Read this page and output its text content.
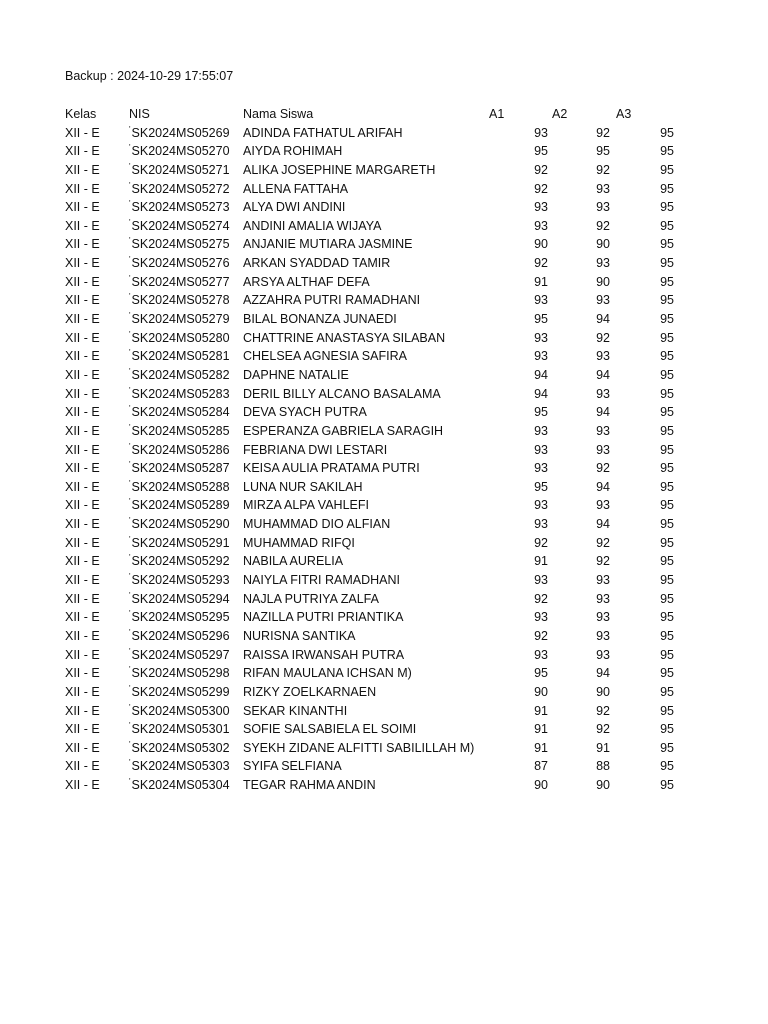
Backup : 2024-10-29 17:55:07
Kelas	NIS	Nama Siswa	A1	A2	A3
XII - E	'SK2024MS05269 ADINDA FATHATUL ARIFAH	93	92	95
XII - E	'SK2024MS05270 AIYDA ROHIMAH	95	95	95
XII - E	'SK2024MS05271 ALIKA JOSEPHINE MARGARETH	92	92	95
XII - E	'SK2024MS05272 ALLENA FATTAHA	92	93	95
XII - E	'SK2024MS05273 ALYA DWI ANDINI	93	93	95
XII - E	'SK2024MS05274 ANDINI AMALIA WIJAYA	93	92	95
XII - E	'SK2024MS05275 ANJANIE MUTIARA JASMINE	90	90	95
XII - E	'SK2024MS05276 ARKAN SYADDAD TAMIR	92	93	95
XII - E	'SK2024MS05277 ARSYA ALTHAF DEFA	91	90	95
XII - E	'SK2024MS05278 AZZAHRA PUTRI RAMADHANI	93	93	95
XII - E	'SK2024MS05279 BILAL BONANZA JUNAEDI	95	94	95
XII - E	'SK2024MS05280 CHATTRINE ANASTASYA SILABAN	93	92	95
XII - E	'SK2024MS05281 CHELSEA AGNESIA SAFIRA	93	93	95
XII - E	'SK2024MS05282 DAPHNE NATALIE	94	94	95
XII - E	'SK2024MS05283 DERIL BILLY ALCANO BASALAMA	94	93	95
XII - E	'SK2024MS05284 DEVA SYACH PUTRA	95	94	95
XII - E	'SK2024MS05285 ESPERANZA GABRIELA SARAGIH	93	93	95
XII - E	'SK2024MS05286 FEBRIANA DWI LESTARI	93	93	95
XII - E	'SK2024MS05287 KEISA AULIA PRATAMA PUTRI	93	92	95
XII - E	'SK2024MS05288 LUNA NUR SAKILAH	95	94	95
XII - E	'SK2024MS05289 MIRZA ALPA VAHLEFI	93	93	95
XII - E	'SK2024MS05290 MUHAMMAD DIO ALFIAN	93	94	95
XII - E	'SK2024MS05291 MUHAMMAD RIFQI	92	92	95
XII - E	'SK2024MS05292 NABILA AURELIA	91	92	95
XII - E	'SK2024MS05293 NAIYLA FITRI RAMADHANI	93	93	95
XII - E	'SK2024MS05294 NAJLA PUTRIYA ZALFA	92	93	95
XII - E	'SK2024MS05295 NAZILLA PUTRI PRIANTIKA	93	93	95
XII - E	'SK2024MS05296 NURISNA SANTIKA	92	93	95
XII - E	'SK2024MS05297 RAISSA IRWANSAH PUTRA	93	93	95
XII - E	'SK2024MS05298 RIFAN MAULANA ICHSAN M)	95	94	95
XII - E	'SK2024MS05299 RIZKY ZOELKARNAEN	90	90	95
XII - E	'SK2024MS05300 SEKAR KINANTHI	91	92	95
XII - E	'SK2024MS05301 SOFIE SALSABIELA EL SOIMI	91	92	95
XII - E	'SK2024MS05302 SYEKH ZIDANE ALFITTI SABILILLAH M)	91	91	95
XII - E	'SK2024MS05303 SYIFA SELFIANA	87	88	95
XII - E	'SK2024MS05304 TEGAR RAHMA ANDIN	90	90	95
